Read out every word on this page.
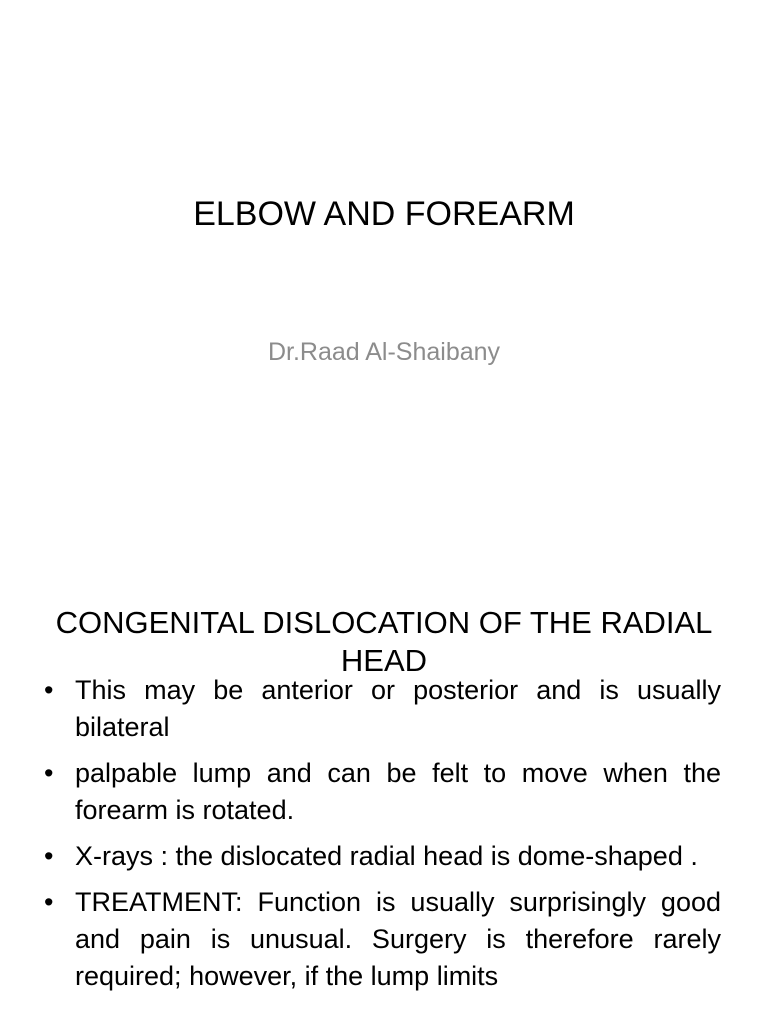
ELBOW AND FOREARM

Dr.Raad Al-Shaibany

CONGENITAL DISLOCATION OF THE RADIAL HEAD
• This may be anterior or posterior and is usually bilateral
• palpable lump and can be felt to move when the forearm is rotated.
• X-rays : the dislocated radial head is dome-shaped .
• TREATMENT: Function is usually surprisingly good and pain is unusual. Surgery is therefore rarely required; however, if the lump limits
